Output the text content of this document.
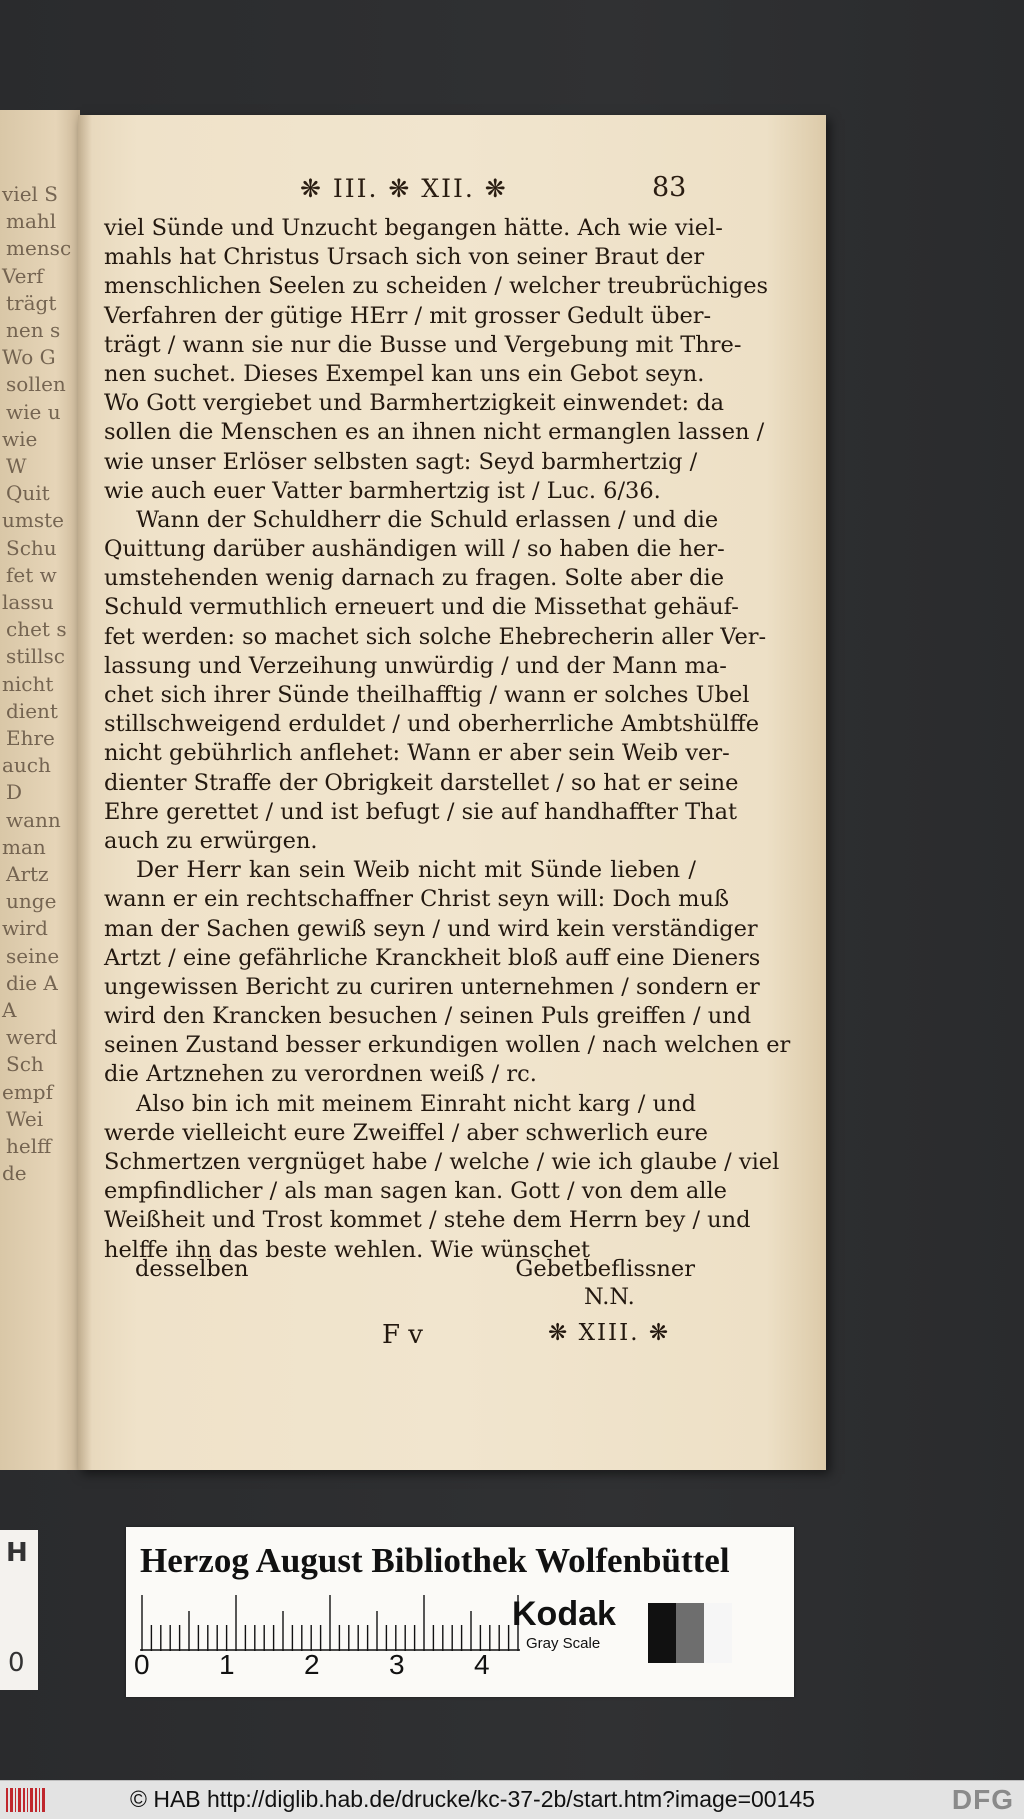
viel S
mahl
mensc
Verf
trägt
nen s
Wo G
sollen
wie u
wie
W
Quit
umste
Schu
fet w
lassu
chet s
stillsc
nicht
dient
Ehre
auch
D
wann
man
Artz
unge
wird
seine
die A
A
werd
Sch
empf
Wei
helff
de
H
0
❋ III. ❋ XII. ❋	83
viel Sünde und Unzucht begangen hätte. Ach wie viel-
mahls hat Christus Ursach sich von seiner Braut der
menschlichen Seelen zu scheiden / welcher treubrüchiges
Verfahren der gütige HErr / mit grosser Gedult über-
trägt / wann sie nur die Busse und Vergebung mit Thre-
nen suchet. Dieses Exempel kan uns ein Gebot seyn.
Wo Gott vergiebet und Barmhertzigkeit einwendet: da
sollen die Menschen es an ihnen nicht ermanglen lassen /
wie unser Erlöser selbsten sagt: Seyd barmhertzig /
wie auch euer Vatter barmhertzig ist / Luc. 6/36.
Wann der Schuldherr die Schuld erlassen / und die
Quittung darüber aushändigen will / so haben die her-
umstehenden wenig darnach zu fragen. Solte aber die
Schuld vermuthlich erneuert und die Missethat gehäuf-
fet werden: so machet sich solche Ehebrecherin aller Ver-
lassung und Verzeihung unwürdig / und der Mann ma-
chet sich ihrer Sünde theilhafftig / wann er solches Ubel
stillschweigend erduldet / und oberherrliche Ambtshülffe
nicht gebührlich anflehet: Wann er aber sein Weib ver-
dienter Straffe der Obrigkeit darstellet / so hat er seine
Ehre gerettet / und ist befugt / sie auf handhaffter That
auch zu erwürgen.
Der Herr kan sein Weib nicht mit Sünde lieben /
wann er ein rechtschaffner Christ seyn will: Doch muß
man der Sachen gewiß seyn / und wird kein verständiger
Artzt / eine gefährliche Kranckheit bloß auff eine Dieners
ungewissen Bericht zu curiren unternehmen / sondern er
wird den Krancken besuchen / seinen Puls greiffen / und
seinen Zustand besser erkundigen wollen / nach welchen er
die Artznehen zu verordnen weiß / rc.
Also bin ich mit meinem Einraht nicht karg / und
werde vielleicht eure Zweiffel / aber schwerlich eure
Schmertzen vergnüget habe / welche / wie ich glaube / viel
empfindlicher / als man sagen kan. Gott / von dem alle
Weißheit und Trost kommet / stehe dem Herrn bey / und
helffe ihn das beste wehlen. Wie wünschet
desselben	Gebetbeflissner
N.N.
F v	❋ XIII. ❋
Herzog August Bibliothek Wolfenbüttel
0 1 2 3 4
Kodak
Gray Scale
© HAB http://diglib.hab.de/drucke/kc-37-2b/start.htm?image=00145	DFG
